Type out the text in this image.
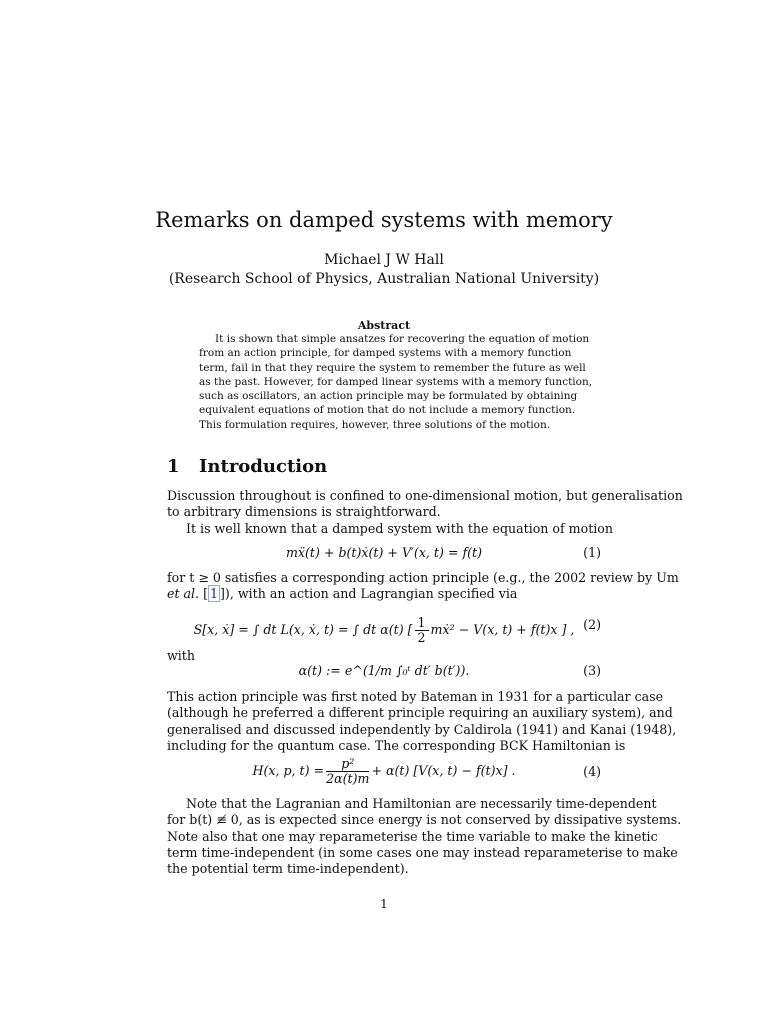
Remarks on damped systems with memory
Michael J W Hall
(Research School of Physics, Australian National University)
Abstract
It is shown that simple ansatzes for recovering the equation of motion
from an action principle, for damped systems with a memory function
term, fail in that they require the system to remember the future as well
as the past. However, for damped linear systems with a memory function,
such as oscillators, an action principle may be formulated by obtaining
equivalent equations of motion that do not include a memory function.
This formulation requires, however, three solutions of the motion.
1 Introduction
Discussion throughout is confined to one-dimensional motion, but generalisation
to arbitrary dimensions is straightforward.
It is well known that a damped system with the equation of motion
mẍ(t) + b(t)ẋ(t) + V′(x, t) = f(t)	(1)
for t ≥ 0 satisfies a corresponding action principle (e.g., the 2002 review by Um
et al. [ 1 ]), with an action and Lagrangian specified via
S[x, ẋ] = ∫ dt L(x, ẋ, t) = ∫ dt α(t) [ $\frac{1}{2}$ mẋ² − V(x, t) + f(t)x ] , (2)
with
α(t) := e^(1/m ∫₀ᵗ dt′ b(t′)).	(3)
This action principle was first noted by Bateman in 1931 for a particular case
(although he preferred a different principle requiring an auxiliary system), and
generalised and discussed independently by Caldirola (1941) and Kanai (1948),
including for the quantum case. The corresponding BCK Hamiltonian is
H(x, p, $t) = \frac{\text{p²}}{2\alpha(t)m} + \alpha(t)$ [V(x, t) − f(t)x] .	(4)
Note that the Lagranian and Hamiltonian are necessarily time-dependent
for b(t) ≢ 0, as is expected since energy is not conserved by dissipative systems.
Note also that one may reparameterise the time variable to make the kinetic
term time-independent (in some cases one may instead reparameterise to make
the potential term time-independent).
1
